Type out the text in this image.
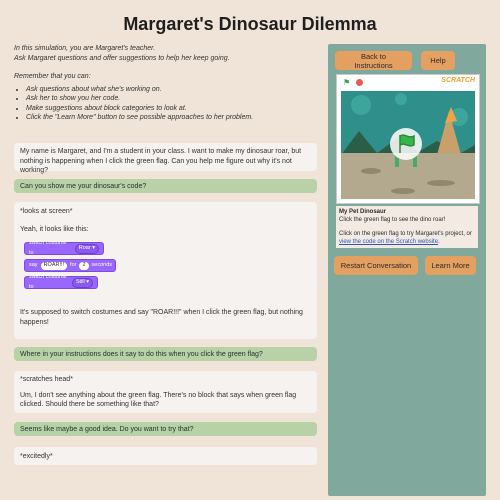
Margaret's Dinosaur Dilemma

In this simulation, you are Margaret's teacher.

Ask Margaret questions and offer suggestions to help her keep going.

Remember that you can:

• Ask questions about what she's working on.
• Ask her to show you her code.
• Make suggestions about block categories to look at.
• Click the "Learn More" button to see possible approaches to her problem.
My name is Margaret, and I'm a student in your class. I want to make my dinosaur roar, but nothing is happening when I click the green flag. Can you help me figure out why it's not working?
Can you show me your dinosaur's code?
*looks at screen*
Yeah, it looks like this:
switch costume to
Roar ▾
say	ROAR!!!	for	2	seconds
switch costume to
Still ▾
It's supposed to switch costumes and say "ROAR!!!" when I click the green flag, but nothing happens!
Where in your instructions does it say to do this when you click the green flag?
*scratches head*
Um, I don't see anything about the green flag. There's no block that says when green flag clicked. Should there be something like that?
Seems like maybe a good idea. Do you want to try that?
*excitedly*
Back to Instructions	Help
⚑	SCRATCH
My Pet Dinosaur
Click the green flag to see the dino roar!
Click on the green flag to try Margaret's project, or view the code on the Scratch website.
Restart Conversation	Learn More
